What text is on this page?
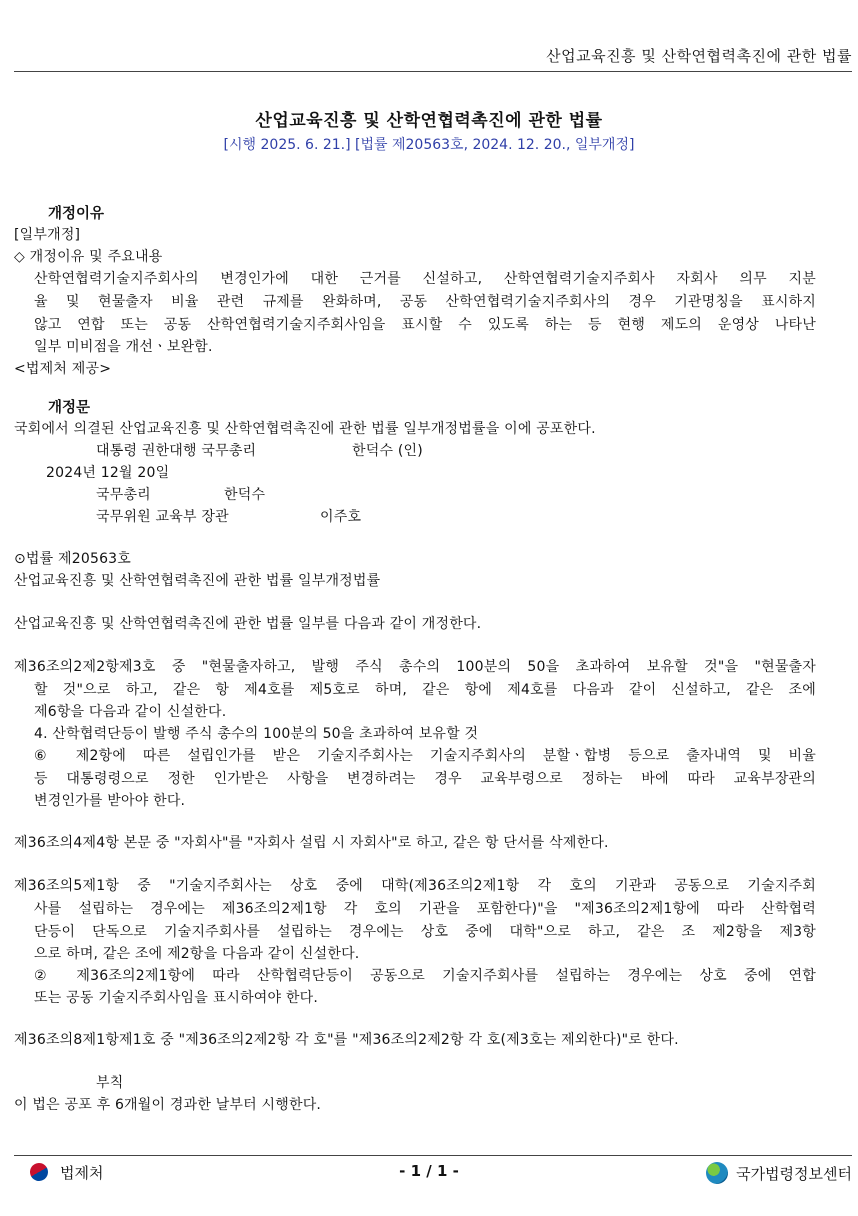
산업교육진흥 및 산학연협력촉진에 관한 법률
산업교육진흥 및 산학연협력촉진에 관한 법률
[시행 2025. 6. 21.] [법률 제20563호, 2024. 12. 20., 일부개정]
개정이유
[일부개정]
◇ 개정이유 및 주요내용
산학연협력기술지주회사의 변경인가에 대한 근거를 신설하고, 산학연협력기술지주회사 자회사 의무 지분
율 및 현물출자 비율 관련 규제를 완화하며, 공동 산학연협력기술지주회사의 경우 기관명칭을 표시하지
않고 연합 또는 공동 산학연협력기술지주회사임을 표시할 수 있도록 하는 등 현행 제도의 운영상 나타난
일부 미비점을 개선ㆍ보완함.
<법제처 제공>
개정문
국회에서 의결된 산업교육진흥 및 산학연협력촉진에 관한 법률 일부개정법률을 이에 공포한다.
대통령 권한대행 국무총리	한덕수 (인)
2024년 12월 20일
국무총리	한덕수
국무위원 교육부 장관	이주호
⊙법률 제20563호
산업교육진흥 및 산학연협력촉진에 관한 법률 일부개정법률
산업교육진흥 및 산학연협력촉진에 관한 법률 일부를 다음과 같이 개정한다.
제36조의2제2항제3호 중 "현물출자하고, 발행 주식 총수의 100분의 50을 초과하여 보유할 것"을 "현물출자
할 것"으로 하고, 같은 항 제4호를 제5호로 하며, 같은 항에 제4호를 다음과 같이 신설하고, 같은 조에
제6항을 다음과 같이 신설한다.
4. 산학협력단등이 발행 주식 총수의 100분의 50을 초과하여 보유할 것
⑥ 제2항에 따른 설립인가를 받은 기술지주회사는 기술지주회사의 분할ㆍ합병 등으로 출자내역 및 비율
등 대통령령으로 정한 인가받은 사항을 변경하려는 경우 교육부령으로 정하는 바에 따라 교육부장관의
변경인가를 받아야 한다.
제36조의4제4항 본문 중 "자회사"를 "자회사 설립 시 자회사"로 하고, 같은 항 단서를 삭제한다.
제36조의5제1항 중 "기술지주회사는 상호 중에 대학(제36조의2제1항 각 호의 기관과 공동으로 기술지주회
사를 설립하는 경우에는 제36조의2제1항 각 호의 기관을 포함한다)"을 "제36조의2제1항에 따라 산학협력
단등이 단독으로 기술지주회사를 설립하는 경우에는 상호 중에 대학"으로 하고, 같은 조 제2항을 제3항
으로 하며, 같은 조에 제2항을 다음과 같이 신설한다.
② 제36조의2제1항에 따라 산학협력단등이 공동으로 기술지주회사를 설립하는 경우에는 상호 중에 연합
또는 공동 기술지주회사임을 표시하여야 한다.
제36조의8제1항제1호 중 "제36조의2제2항 각 호"를 "제36조의2제2항 각 호(제3호는 제외한다)"로 한다.
부칙
이 법은 공포 후 6개월이 경과한 날부터 시행한다.
법제처	- 1 / 1 -	국가법령정보센터
